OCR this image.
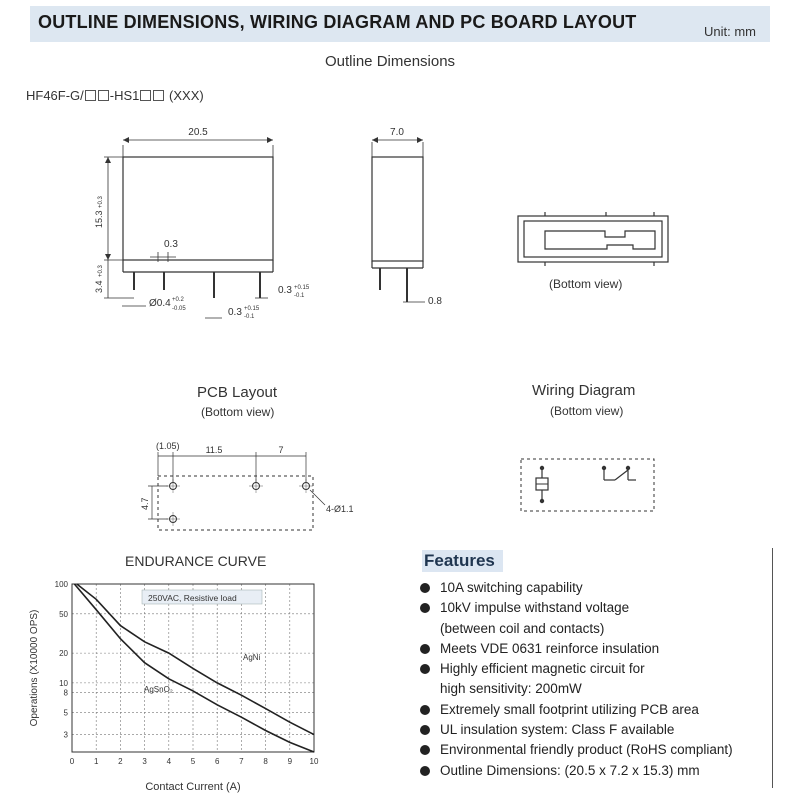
OUTLINE DIMENSIONS, WIRING DIAGRAM AND PC BOARD LAYOUT	Unit: mm
Outline Dimensions
HF46F-G/ -HS1 (XXX)
20.5
15.3
+0.3
3.4
+0.3
0.3
Ø0.4 +0.2
-0.05	0.3 +0.15
-0.1
0.3 +0.15
-0.1
7.0
0.8
(Bottom view)
PCB Layout
(Bottom view)
(1.05)	11.5	7
4.7	4-Ø1.1
Wiring Diagram
(Bottom view)
ENDURANCE CURVE
250VAC, Resistive load
0 1 2 3 4 5 6 7 8 9 10
100
50
20
10
8
5
3
AgNi
AgSnO₂
Contact Current (A)
Operations (X10000 OPS)
Features
10A switching capability
10kV impulse withstand voltage
(between coil and contacts)
Meets VDE 0631 reinforce insulation
Highly efficient magnetic circuit for
high sensitivity: 200mW
Extremely small footprint utilizing PCB area
UL insulation system: Class F available
Environmental friendly product (RoHS compliant)
Outline Dimensions: (20.5 x 7.2 x 15.3) mm
